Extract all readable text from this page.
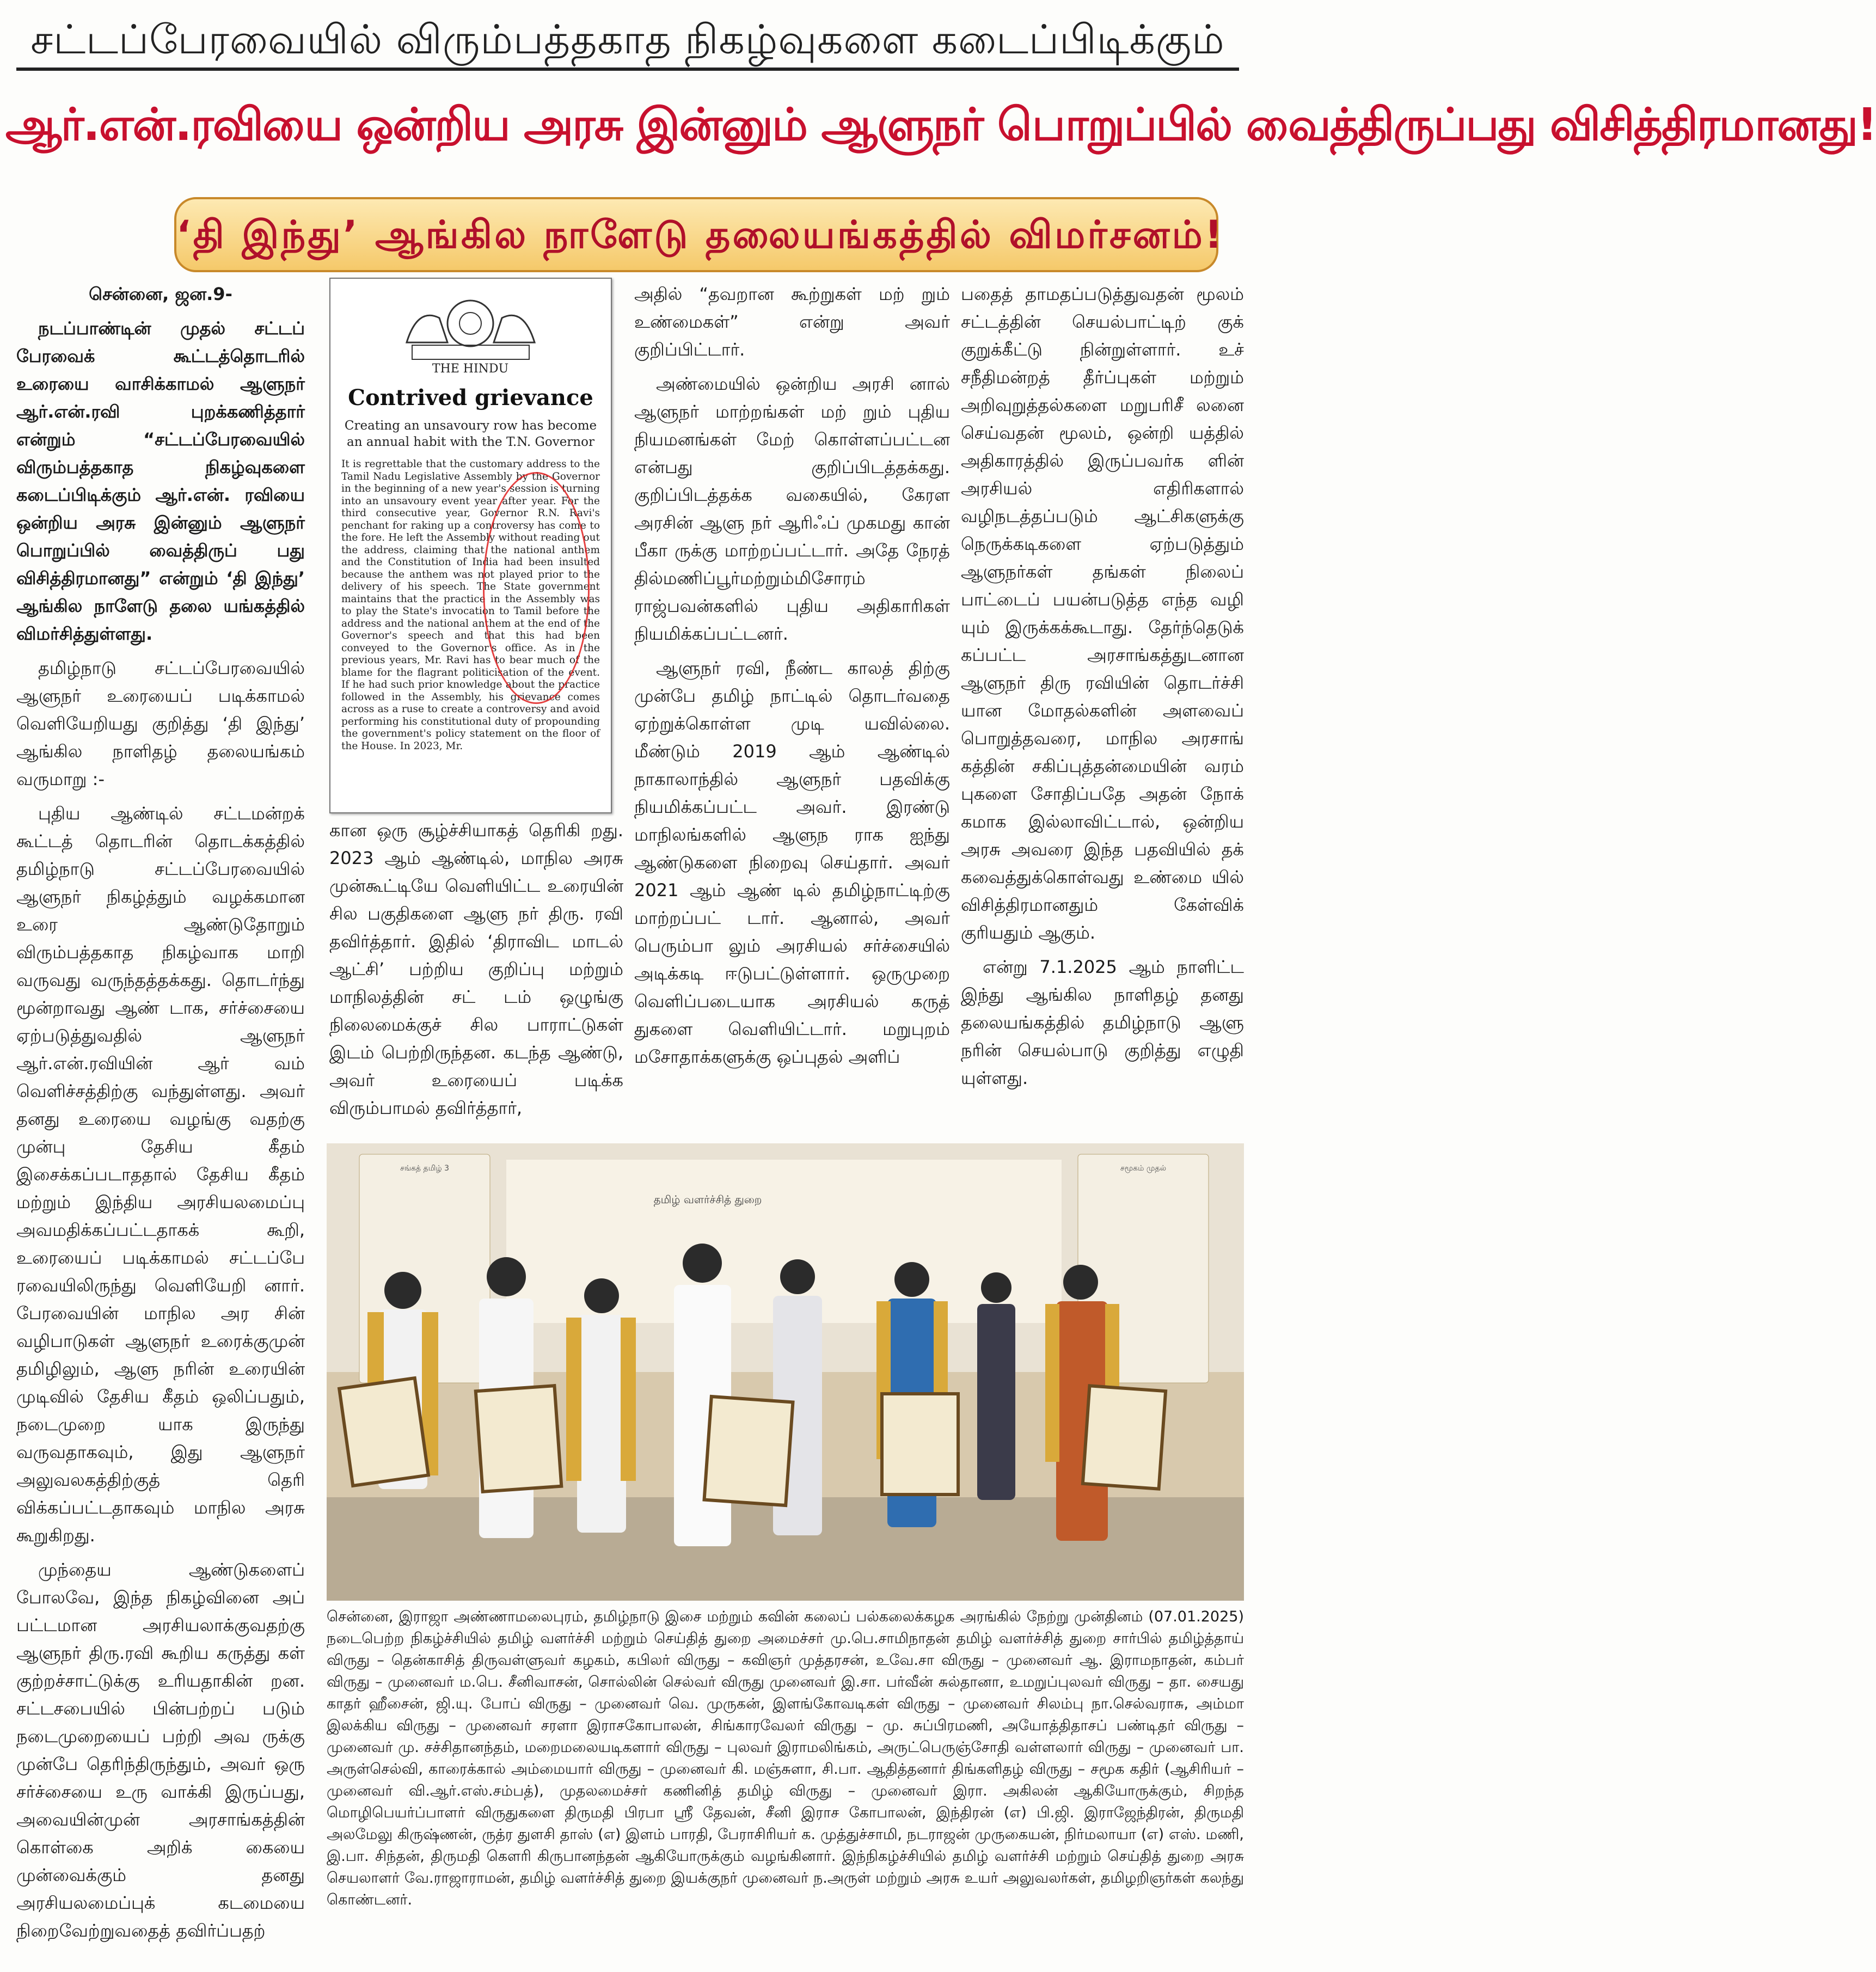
சட்டப்பேரவையில் விரும்பத்தகாத நிகழ்வுகளை கடைப்பிடிக்கும்
ஆர்.என்.ரவியை ஒன்றிய அரசு இன்னும் ஆளுநர் பொறுப்பில் வைத்திருப்பது விசித்திரமானது!
‘தி இந்து’ ஆங்கில நாளேடு தலையங்கத்தில் விமர்சனம்!

சென்னை, ஜன.9-

நடப்பாண்டின் முதல் சட்டப் பேரவைக் கூட்டத்தொடரில் உரையை வாசிக்காமல் ஆளுநர் ஆர்.என்.ரவி புறக்கணித்தார் என்றும் “சட்டப்பேரவையில் விரும்பத்தகாத நிகழ்வுகளை கடைப்பிடிக்கும் ஆர்.என். ரவியை ஒன்றிய அரசு இன்னும் ஆளுநர் பொறுப்பில் வைத்திருப் பது விசித்திரமானது” என்றும் ‘தி இந்து’ ஆங்கில நாளேடு தலை யங்கத்தில் விமர்சித்துள்ளது.

தமிழ்நாடு சட்டப்பேரவையில் ஆளுநர் உரையைப் படிக்காமல் வெளியேறியது குறித்து ‘தி இந்து’ ஆங்கில நாளிதழ் தலையங்கம் வருமாறு :-

புதிய ஆண்டில் சட்டமன்றக் கூட்டத் தொடரின் தொடக்கத்தில் தமிழ்நாடு சட்டப்பேரவையில் ஆளுநர் நிகழ்த்தும் வழக்கமான உரை ஆண்டுதோறும் விரும்பத்தகாத நிகழ்வாக மாறி வருவது வருந்தத்தக்கது. தொடர்ந்து மூன்றாவது ஆண் டாக, சர்ச்சையை ஏற்படுத்துவதில் ஆளுநர் ஆர்.என்.ரவியின் ஆர் வம் வெளிச்சத்திற்கு வந்துள்ளது. அவர் தனது உரையை வழங்கு வதற்கு முன்பு தேசிய கீதம் இசைக்கப்படாததால் தேசிய கீதம் மற்றும் இந்திய அரசியலமைப்பு அவமதிக்கப்பட்டதாகக் கூறி, உரையைப் படிக்காமல் சட்டப்பே ரவையிலிருந்து வெளியேறி னார். பேரவையின் மாநில அர சின் வழிபாடுகள் ஆளுநர் உரைக்குமுன் தமிழிலும், ஆளு நரின் உரையின் முடிவில் தேசிய கீதம் ஒலிப்பதும், நடைமுறை யாக இருந்து வருவதாகவும், இது ஆளுநர் அலுவலகத்திற்குத் தெரி விக்கப்பட்டதாகவும் மாநில அரசு கூறுகிறது.

முந்தைய ஆண்டுகளைப் போலவே, இந்த நிகழ்வினை அப் பட்டமான அரசியலாக்குவதற்கு ஆளுநர் திரு.ரவி கூறிய கருத்து கள் குற்றச்சாட்டுக்கு உரியதாகின் றன. சட்டசபையில் பின்பற்றப் படும் நடைமுறையைப் பற்றி அவ ருக்கு முன்பே தெரிந்திருந்தும், அவர் ஒரு சர்ச்சையை உரு வாக்கி இருப்பது, அவையின்முன் அரசாங்கத்தின் கொள்கை அறிக் கையை முன்வைக்கும் தனது அரசியலமைப்புக் கடமையை நிறைவேற்றுவதைத் தவிர்ப்பதற்

THE HINDU
Contrived grievance
Creating an unsavoury row has become an annual habit with the T.N. Governor
It is regrettable that the customary address to the Tamil Nadu Legislative Assembly by the Governor in the beginning of a new year's session is turning into an unsavoury event year after year. For the third consecutive year, Governor R.N. Ravi's penchant for raking up a controversy has come to the fore. He left the Assembly without reading out the address, claiming that the national anthem and the Constitution of India had been insulted because the anthem was not played prior to the delivery of his speech. The State government maintains that the practice in the Assembly was to play the State's invocation to Tamil before the address and the national anthem at the end of the Governor's speech and that this had been conveyed to the Governor's office. As in the previous years, Mr. Ravi has to bear much of the blame for the flagrant politicisation of the event. If he had such prior knowledge about the practice followed in the Assembly, his grievance comes across as a ruse to create a controversy and avoid performing his constitutional duty of propounding the government's policy statement on the floor of the House. In 2023, Mr.

கான ஒரு சூழ்ச்சியாகத் தெரிகி றது. 2023 ஆம் ஆண்டில், மாநில அரசு முன்கூட்டியே வெளியிட்ட உரையின் சில பகுதிகளை ஆளு நர் திரு. ரவி தவிர்த்தார். இதில் ‘திராவிட மாடல் ஆட்சி’ பற்றிய குறிப்பு மற்றும் மாநிலத்தின் சட் டம் ஒழுங்கு நிலைமைக்குச் சில பாராட்டுகள் இடம் பெற்றிருந்தன. கடந்த ஆண்டு, அவர் உரையைப் படிக்க விரும்பாமல் தவிர்த்தார்,

அதில் “தவறான கூற்றுகள் மற் றும் உண்மைகள்” என்று அவர் குறிப்பிட்டார்.

அண்மையில் ஒன்றிய அரசி னால் ஆளுநர் மாற்றங்கள் மற் றும் புதிய நியமனங்கள் மேற் கொள்ளப்பட்டன என்பது குறிப்பிடத்தக்கது. குறிப்பிடத்தக்க வகையில், கேரள அரசின் ஆளு நர் ஆரிஃப் முகமது கான் பீகா ருக்கு மாற்றப்பட்டார். அதே நேரத் தில்மணிப்பூர்மற்றும்மிசோரம் ராஜ்பவன்களில் புதிய அதிகாரிகள் நியமிக்கப்பட்டனர்.

ஆளுநர் ரவி, நீண்ட காலத் திற்கு முன்பே தமிழ் நாட்டில் தொடர்வதை ஏற்றுக்கொள்ள முடி யவில்லை. மீண்டும் 2019 ஆம் ஆண்டில் நாகாலாந்தில் ஆளுநர் பதவிக்கு நியமிக்கப்பட்ட அவர். இரண்டு மாநிலங்களில் ஆளுந ராக ஐந்து ஆண்டுகளை நிறைவு செய்தார். அவர் 2021 ஆம் ஆண் டில் தமிழ்நாட்டிற்கு மாற்றப்பட் டார். ஆனால், அவர் பெரும்பா லும் அரசியல் சர்ச்சையில் அடிக்கடி ஈடுபட்டுள்ளார். ஒருமுறை வெளிப்படையாக அரசியல் கருத் துகளை வெளியிட்டார். மறுபுறம் மசோதாக்களுக்கு ஒப்புதல் அளிப்

பதைத் தாமதப்படுத்துவதன் மூலம் சட்டத்தின் செயல்பாட்டிற் குக் குறுக்கீட்டு நின்றுள்ளார். உச் சநீதிமன்றத் தீர்ப்புகள் மற்றும் அறிவுறுத்தல்களை மறுபரிசீ லனை செய்வதன் மூலம், ஒன்றி யத்தில் அதிகாரத்தில் இருப்பவர்க ளின் அரசியல் எதிரிகளால் வழிநடத்தப்படும் ஆட்சிகளுக்கு நெருக்கடிகளை ஏற்படுத்தும் ஆளுநர்கள் தங்கள் நிலைப் பாட்டைப் பயன்படுத்த எந்த வழி யும் இருக்கக்கூடாது. தேர்ந்தெடுக் கப்பட்ட அரசாங்கத்துடனான ஆளுநர் திரு ரவியின் தொடர்ச்சி யான மோதல்களின் அளவைப் பொறுத்தவரை, மாநில அரசாங் கத்தின் சகிப்புத்தன்மையின் வரம் புகளை சோதிப்பதே அதன் நோக் கமாக இல்லாவிட்டால், ஒன்றிய அரசு அவரை இந்த பதவியில் தக் கவைத்துக்கொள்வது உண்மை யில் விசித்திரமானதும் கேள்விக் குரியதும் ஆகும்.

என்று 7.1.2025 ஆம் நாளிட்ட இந்து ஆங்கில நாளிதழ் தனது தலையங்கத்தில் தமிழ்நாடு ஆளு நரின் செயல்பாடு குறித்து எழுதி யுள்ளது.

சங்கத் தமிழ் 3	சமூகம் முதல்
தமிழ் வளர்ச்சித் துறை
சென்னை, இராஜா அண்ணாமலைபுரம், தமிழ்நாடு இசை மற்றும் கவின் கலைப் பல்கலைக்கழக அரங்கில் நேற்று முன்தினம் (07.01.2025) நடைபெற்ற நிகழ்ச்சியில் தமிழ் வளர்ச்சி மற்றும் செய்தித் துறை அமைச்சர் மு.பெ.சாமிநாதன் தமிழ் வளர்ச்சித் துறை சார்பில் தமிழ்த்தாய் விருது – தென்காசித் திருவள்ளுவர் கழகம், கபிலர் விருது – கவிஞர் முத்தரசன், உவே.சா விருது – முனைவர் ஆ. இராமநாதன், கம்பர் விருது – முனைவர் ம.பெ. சீனிவாசன், சொல்லின் செல்வர் விருது முனைவர் இ.சா. பர்வீன் சுல்தானா, உமறுப்புலவர் விருது – தா. சையது காதர் ஹீசைன், ஜி.யு. போப் விருது – முனைவர் வெ. முருகன், இளங்கோவடிகள் விருது – முனைவர் சிலம்பு நா.செல்வராசு, அம்மா இலக்கிய விருது – முனைவர் சரளா இராசகோபாலன், சிங்காரவேலர் விருது – மு. சுப்பிரமணி, அயோத்திதாசப் பண்டிதர் விருது – முனைவர் மு. சச்சிதானந்தம், மறைமலையடிகளார் விருது – புலவர் இராமலிங்கம், அருட்பெருஞ்சோதி வள்ளலார் விருது – முனைவர் பா. அருள்செல்வி, காரைக்கால் அம்மையார் விருது – முனைவர் கி. மஞ்சுளா, சி.பா. ஆதித்தனார் திங்களிதழ் விருது – சமூக கதிர் (ஆசிரியர் – முனைவர் வி.ஆர்.எஸ்.சம்பத்), முதலமைச்சர் கணினித் தமிழ் விருது – முனைவர் இரா. அகிலன் ஆகியோருக்கும், சிறந்த மொழிபெயர்ப்பாளர் விருதுகளை திருமதி பிரபா ஸ்ரீ தேவன், சீனி இராச கோபாலன், இந்திரன் (எ) பி.ஜி. இராஜேந்திரன், திருமதி அலமேலு கிருஷ்ணன், ருத்ர துளசி தாஸ் (எ) இளம் பாரதி, பேராசிரியர் க. முத்துச்சாமி, நடராஜன் முருகையன், நிர்மலாயா (எ) எஸ். மணி, இ.பா. சிந்தன், திருமதி கௌரி கிருபானந்தன் ஆகியோருக்கும் வழங்கினார். இந்நிகழ்ச்சியில் தமிழ் வளர்ச்சி மற்றும் செய்தித் துறை அரசு செயலாளர் வே.ராஜாராமன், தமிழ் வளர்ச்சித் துறை இயக்குநர் முனைவர் ந.அருள் மற்றும் அரசு உயர் அலுவலர்கள், தமிழறிஞர்கள் கலந்து கொண்டனர்.
